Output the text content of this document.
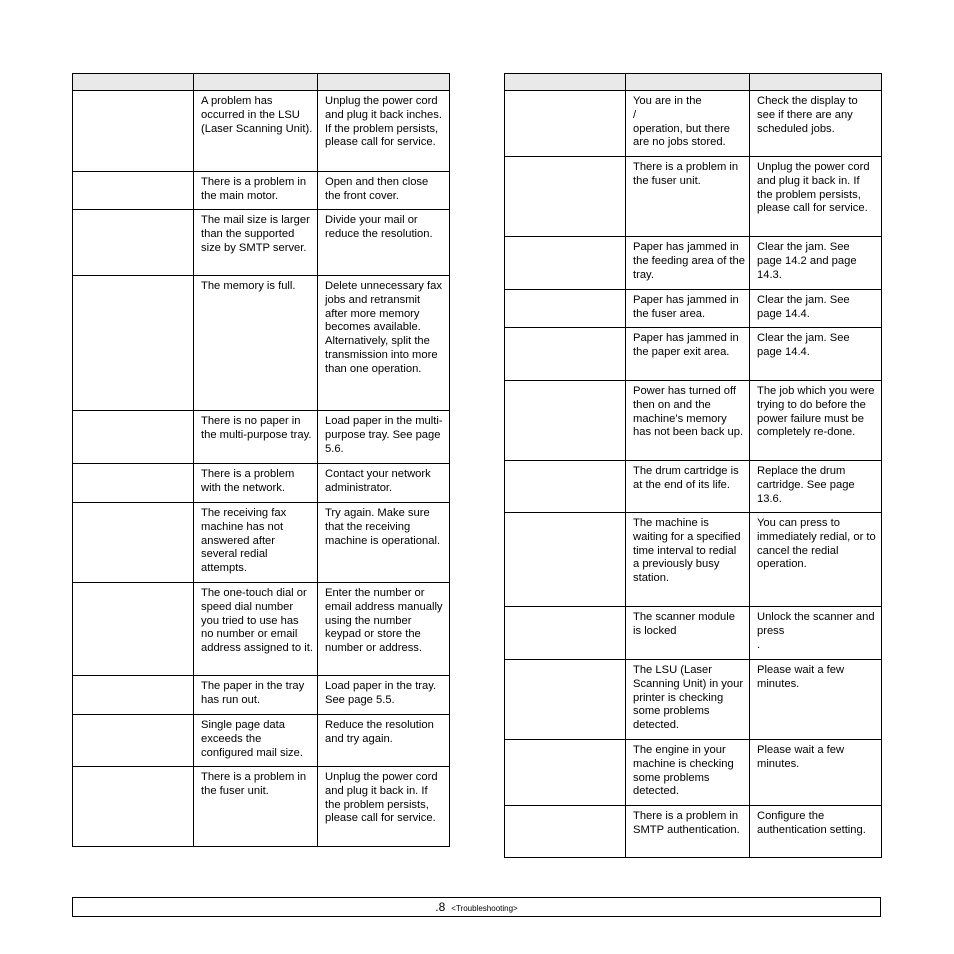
	A problem has occurred in the LSU (Laser Scanning Unit).	Unplug the power cord and plug it back inches. If the problem persists, please call for service.
	There is a problem in the main motor.	Open and then close the front cover.
	The mail size is larger than the supported size by SMTP server.	Divide your mail or reduce the resolution.
	The memory is full.	Delete unnecessary fax jobs and retransmit after more memory becomes available. Alternatively, split the transmission into more than one operation.
	There is no paper in the multi-purpose tray.	Load paper in the multi-purpose tray. See page 5.6.
	There is a problem with the network.	Contact your network administrator.
	The receiving fax machine has not answered after several redial attempts.	Try again. Make sure that the receiving machine is operational.
	The one-touch dial or speed dial number you tried to use has no number or email address assigned to it.	Enter the number or email address manually using the number keypad or store the number or address.
	The paper in the tray has run out.	Load paper in the tray. See page 5.5.
	Single page data exceeds the configured mail size.	Reduce the resolution and try again.
	There is a problem in the fuser unit.	Unplug the power cord and plug it back in. If the problem persists, please call for service.

	You are in the
/
operation, but there are no jobs stored.	Check the display to see if there are any scheduled jobs.
	There is a problem in the fuser unit.	Unplug the power cord and plug it back in. If the problem persists, please call for service.
	Paper has jammed in the feeding area of the tray.	Clear the jam. See page 14.2 and page 14.3.
	Paper has jammed in the fuser area.	Clear the jam. See page 14.4.
	Paper has jammed in the paper exit area.	Clear the jam. See page 14.4.
	Power has turned off then on and the machine’s memory has not been back up.	The job which you were trying to do before the power failure must be completely re-done.
	The drum cartridge is at the end of its life.	Replace the drum cartridge. See page 13.6.
	The machine is waiting for a specified time interval to redial a previously busy station.	You can press to immediately redial, or to cancel the redial operation.
	The scanner module is locked	Unlock the scanner and press
.
	The LSU (Laser Scanning Unit) in your printer is checking some problems detected.	Please wait a few minutes.
	The engine in your machine is checking some problems detected.	Please wait a few minutes.
	There is a problem in SMTP authentication.	Configure the authentication setting.
.8 <Troubleshooting>
